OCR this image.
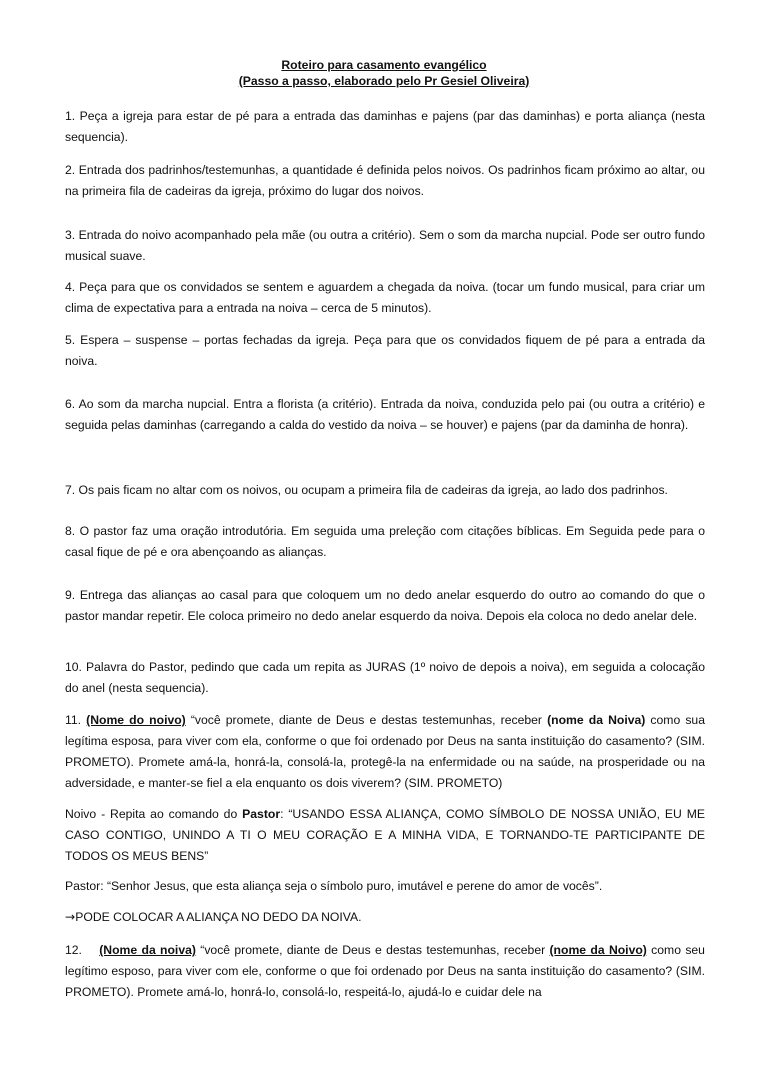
Roteiro para casamento evangélico
(Passo a passo, elaborado pelo Pr Gesiel Oliveira)

1. Peça a igreja para estar de pé para a entrada das daminhas e pajens (par das daminhas) e porta aliança (nesta sequencia).

2. Entrada dos padrinhos/testemunhas, a quantidade é definida pelos noivos. Os padrinhos ficam próximo ao altar, ou na primeira fila de cadeiras da igreja, próximo do lugar dos noivos.

3. Entrada do noivo acompanhado pela mãe (ou outra a critério). Sem o som da marcha nupcial. Pode ser outro fundo musical suave.

4. Peça para que os convidados se sentem e aguardem a chegada da noiva. (tocar um fundo musical, para criar um clima de expectativa para a entrada na noiva – cerca de 5 minutos).

5. Espera – suspense – portas fechadas da igreja. Peça para que os convidados fiquem de pé para a entrada da noiva.

6. Ao som da marcha nupcial. Entra a florista (a critério). Entrada da noiva, conduzida pelo pai (ou outra a critério) e seguida pelas daminhas (carregando a calda do vestido da noiva – se houver) e pajens (par da daminha de honra).

7. Os pais ficam no altar com os noivos, ou ocupam a primeira fila de cadeiras da igreja, ao lado dos padrinhos.

8. O pastor faz uma oração introdutória. Em seguida uma preleção com citações bíblicas. Em Seguida pede para o casal fique de pé e ora abençoando as alianças.

9. Entrega das alianças ao casal para que coloquem um no dedo anelar esquerdo do outro ao comando do que o pastor mandar repetir. Ele coloca primeiro no dedo anelar esquerdo da noiva. Depois ela coloca no dedo anelar dele.

10. Palavra do Pastor, pedindo que cada um repita as JURAS (1º noivo de depois a noiva), em seguida a colocação do anel (nesta sequencia).

11. (Nome do noivo) “você promete, diante de Deus e destas testemunhas, receber (nome da Noiva) como sua legítima esposa, para viver com ela, conforme o que foi ordenado por Deus na santa instituição do casamento? (SIM. PROMETO). Promete amá-la, honrá-la, consolá-la, protegê-la na enfermidade ou na saúde, na prosperidade ou na adversidade, e manter-se fiel a ela enquanto os dois viverem? (SIM. PROMETO)

Noivo - Repita ao comando do Pastor: “USANDO ESSA ALIANÇA, COMO SÍMBOLO DE NOSSA UNIÃO, EU ME CASO CONTIGO, UNINDO A TI O MEU CORAÇÃO E A MINHA VIDA, E TORNANDO-TE PARTICIPANTE DE TODOS OS MEUS BENS”

Pastor: “Senhor Jesus, que esta aliança seja o símbolo puro, imutável e perene do amor de vocês”.

→PODE COLOCAR A ALIANÇA NO DEDO DA NOIVA.

12.    (Nome da noiva) “você promete, diante de Deus e destas testemunhas, receber (nome da Noivo) como seu legítimo esposo, para viver com ele, conforme o que foi ordenado por Deus na santa instituição do casamento? (SIM. PROMETO). Promete amá-lo, honrá-lo, consolá-lo, respeitá-lo, ajudá-lo e cuidar dele na
